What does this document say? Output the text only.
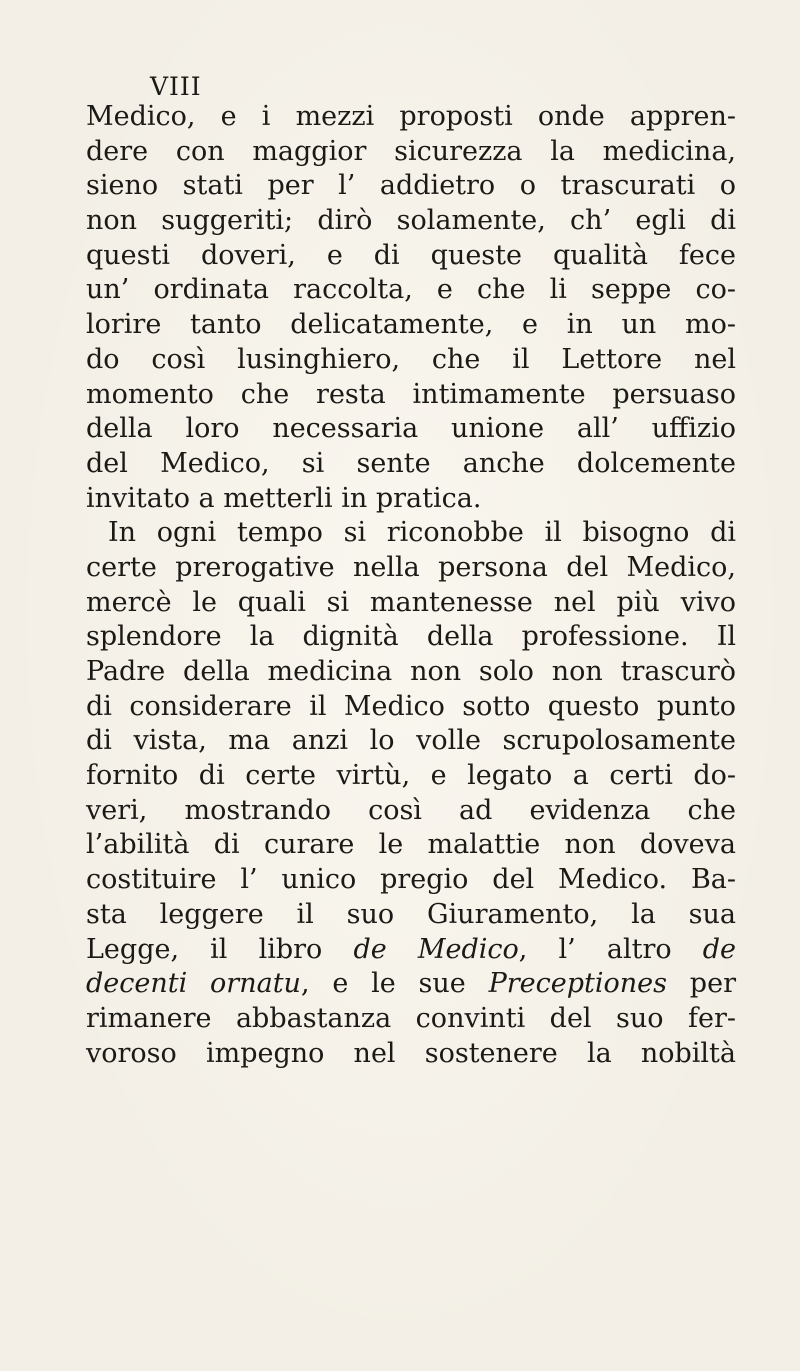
VIII
Medico, e i mezzi proposti onde appren-
dere con maggior sicurezza la medicina,
sieno stati per l’ addietro o trascurati o
non suggeriti; dirò solamente, ch’ egli di
questi doveri, e di queste qualità fece
un’ ordinata raccolta, e che li seppe co-
lorire tanto delicatamente, e in un mo-
do così lusinghiero, che il Lettore nel
momento che resta intimamente persuaso
della loro necessaria unione all’ uffizio
del Medico, si sente anche dolcemente
invitato a metterli in pratica.
In ogni tempo si riconobbe il bisogno di
certe prerogative nella persona del Medico,
mercè le quali si mantenesse nel più vivo
splendore la dignità della professione. Il
Padre della medicina non solo non trascurò
di considerare il Medico sotto questo punto
di vista, ma anzi lo volle scrupolosamente
fornito di certe virtù, e legato a certi do-
veri, mostrando così ad evidenza che
l’abilità di curare le malattie non doveva
costituire l’ unico pregio del Medico. Ba-
sta leggere il suo Giuramento, la sua
Legge, il libro de Medico, l’ altro de
decenti ornatu, e le sue Preceptiones per
rimanere abbastanza convinti del suo fer-
voroso impegno nel sostenere la nobiltà
